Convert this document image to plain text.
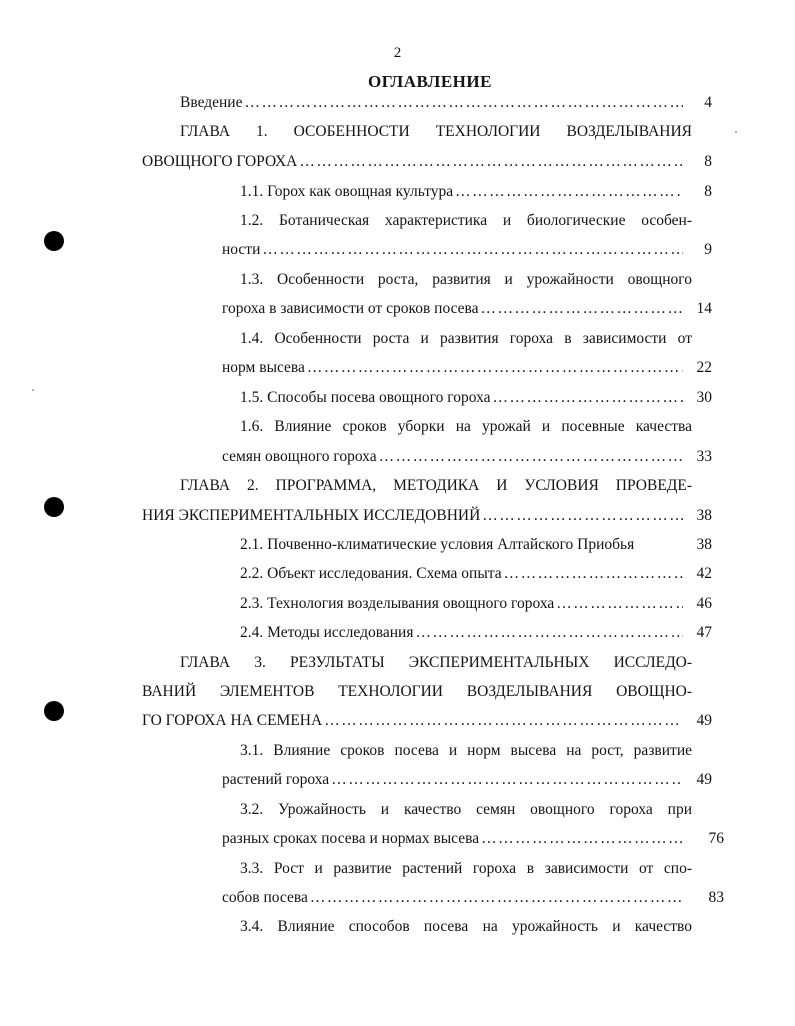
2
ОГЛАВЛЕНИЕ
Введение …………………………………………………………………………………………………………………………………………………………………	4
ГЛАВА 1. ОСОБЕННОСТИ ТЕХНОЛОГИИ ВОЗДЕЛЫВАНИЯ
ОВОЩНОГО ГОРОХА …………………………………………………………………………………………………………………………………………………………………	8
1.1. Горох как овощная культура …………………………………………………………………………………………………………………………………………………………………	8
1.2. Ботаническая характеристика и биологические особен-
ности …………………………………………………………………………………………………………………………………………………………………	9
1.3. Особенности роста, развития и урожайности овощного
гороха в зависимости от сроков посева …………………………………………………………………………………………………………………………………………………………………	14
1.4. Особенности роста и развития гороха в зависимости от
норм высева …………………………………………………………………………………………………………………………………………………………………	22
1.5. Способы посева овощного гороха …………………………………………………………………………………………………………………………………………………………………	30
1.6. Влияние сроков уборки на урожай и посевные качества
семян овощного гороха …………………………………………………………………………………………………………………………………………………………………	33
ГЛАВА 2. ПРОГРАММА, МЕТОДИКА И УСЛОВИЯ ПРОВЕДЕ-
НИЯ ЭКСПЕРИМЕНТАЛЬНЫХ ИССЛЕДОВНИЙ …………………………………………………………………………………………………………………………………………………………………	38
2.1. Почвенно-климатические условия Алтайского Приобья	38
2.2. Объект исследования. Схема опыта …………………………………………………………………………………………………………………………………………………………………	42
2.3. Технология возделывания овощного гороха …………………………………………………………………………………………………………………………………………………………………	46
2.4. Методы исследования …………………………………………………………………………………………………………………………………………………………………	47
ГЛАВА 3. РЕЗУЛЬТАТЫ ЭКСПЕРИМЕНТАЛЬНЫХ ИССЛЕДО-
ВАНИЙ ЭЛЕМЕНТОВ ТЕХНОЛОГИИ ВОЗДЕЛЫВАНИЯ ОВОЩНО-
ГО ГОРОХА НА СЕМЕНА …………………………………………………………………………………………………………………………………………………………………	49
3.1. Влияние сроков посева и норм высева на рост, развитие
растений гороха …………………………………………………………………………………………………………………………………………………………………	49
3.2. Урожайность и качество семян овощного гороха при
разных сроках посева и нормах высева …………………………………………………………………………………………………………………………………………………………………	76
3.3. Рост и развитие растений гороха в зависимости от спо-
собов посева …………………………………………………………………………………………………………………………………………………………………	83
3.4. Влияние способов посева на урожайность и качество
